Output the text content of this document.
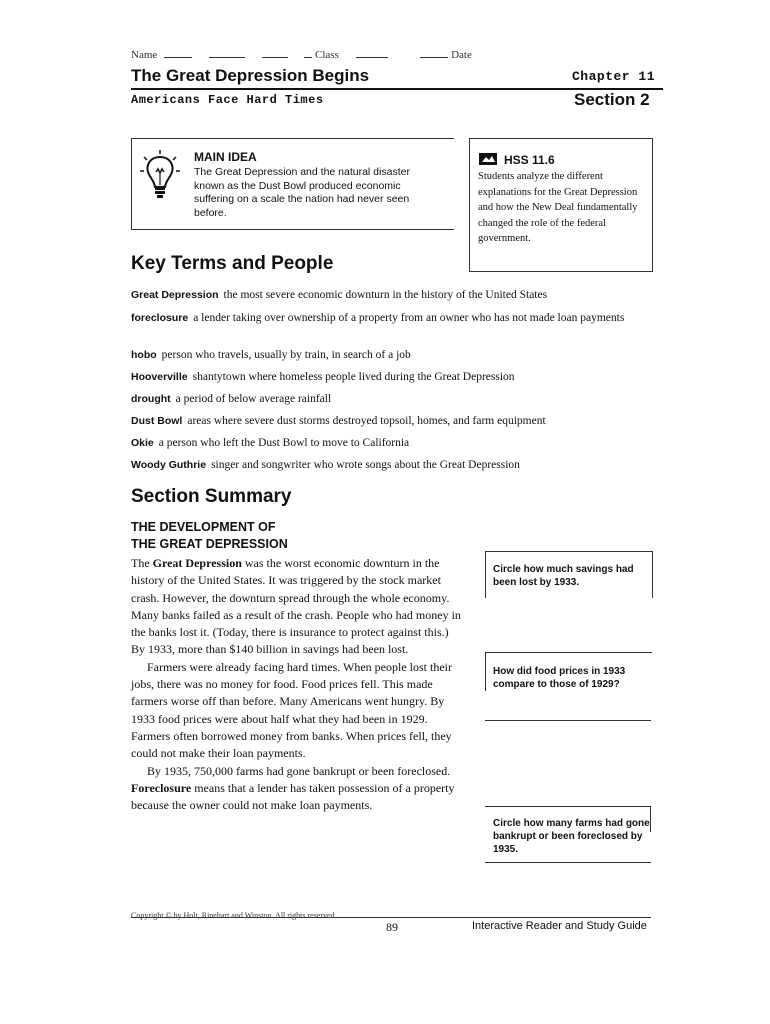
Name	Class	Date
The Great Depression Begins	Chapter 11
Americans Face Hard Times	Section 2
MAIN IDEA
The Great Depression and the natural disaster known as the Dust Bowl produced economic suffering on a scale the nation had never seen before.
HSS 11.6
Students analyze the different explanations for the Great Depression and how the New Deal fundamentally changed the role of the federal government.
Key Terms and People
Great Depression the most severe economic downturn in the history of the United States
foreclosure a lender taking over ownership of a property from an owner who has not made loan payments
hobo person who travels, usually by train, in search of a job
Hooverville shantytown where homeless people lived during the Great Depression
drought a period of below average rainfall
Dust Bowl areas where severe dust storms destroyed topsoil, homes, and farm equipment
Okie a person who left the Dust Bowl to move to California
Woody Guthrie singer and songwriter who wrote songs about the Great Depression
Section Summary
THE DEVELOPMENT OF
THE GREAT DEPRESSION

The Great Depression was the worst economic downturn in the history of the United States. It was triggered by the stock market crash. However, the downturn spread through the whole economy. Many banks failed as a result of the crash. People who had money in the banks lost it. (Today, there is insurance to protect against this.) By 1933, more than $140 billion in savings had been lost.

Farmers were already facing hard times. When people lost their jobs, there was no money for food. Food prices fell. This made farmers worse off than before. Many Americans went hungry. By 1933 food prices were about half what they had been in 1929. Farmers often borrowed money from banks. When prices fell, they could not make their loan payments.

By 1935, 750,000 farms had gone bankrupt or been foreclosed. Foreclosure means that a lender has taken possession of a property because the owner could not make loan payments.

Circle how much savings had been lost by 1933.
How did food prices in 1933 compare to those of 1929?
Circle how many farms had gone bankrupt or been foreclosed by 1935.
Copyright © by Holt, Rinehart and Winston. All rights reserved.
89	Interactive Reader and Study Guide
